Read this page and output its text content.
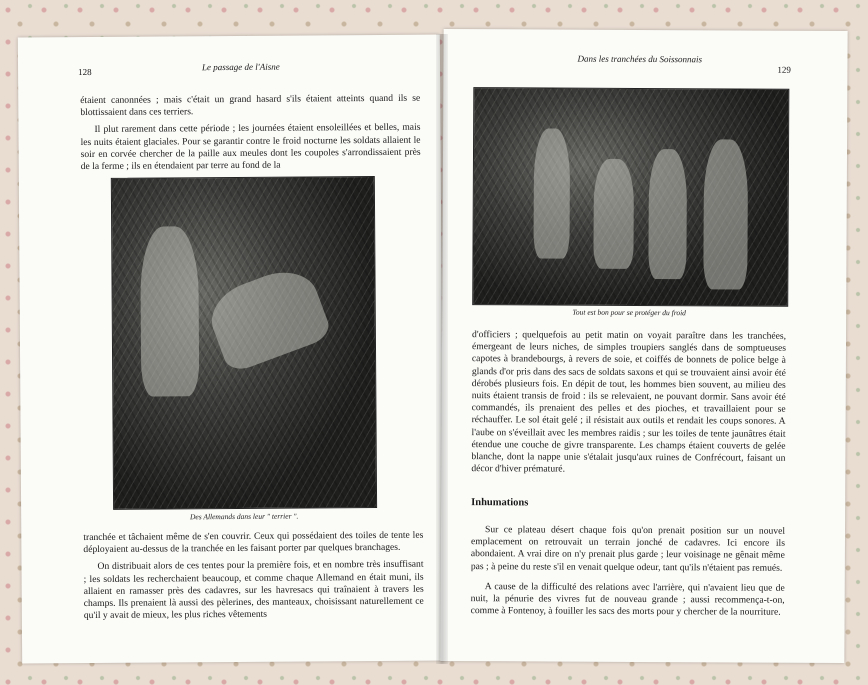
128	Le passage de l'Aisne

étaient canonnées ; mais c'était un grand hasard s'ils étaient atteints quand ils se blottissaient dans ces terriers.

Il plut rarement dans cette période ; les journées étaient ensoleillées et belles, mais les nuits étaient glaciales. Pour se garantir contre le froid nocturne les soldats allaient le soir en corvée chercher de la paille aux meules dont les coupoles s'arrondissaient près de la ferme ; ils en étendaient par terre au fond de la

Des Allemands dans leur " terrier ".

tranchée et tâchaient même de s'en couvrir. Ceux qui possédaient des toiles de tente les déployaient au-dessus de la tranchée en les faisant porter par quelques branchages.

On distribuait alors de ces tentes pour la première fois, et en nombre très insuffisant ; les soldats les recherchaient beaucoup, et comme chaque Allemand en était muni, ils allaient en ramasser près des cadavres, sur les havresacs qui traînaient à travers les champs. Ils prenaient là aussi des pèlerines, des manteaux, choisissant naturellement ce qu'il y avait de mieux, les plus riches vêtements

Dans les tranchées du Soissonnais
129
Tout est bon pour se protéger du froid

d'officiers ; quelquefois au petit matin on voyait paraître dans les tranchées, émergeant de leurs niches, de simples troupiers sanglés dans de somptueuses capotes à brandebourgs, à revers de soie, et coiffés de bonnets de police belge à glands d'or pris dans des sacs de soldats saxons et qui se trouvaient ainsi avoir été dérobés plusieurs fois. En dépit de tout, les hommes bien souvent, au milieu des nuits étaient transis de froid : ils se relevaient, ne pouvant dormir. Sans avoir été commandés, ils prenaient des pelles et des pioches, et travaillaient pour se réchauffer. Le sol était gelé ; il résistait aux outils et rendait les coups sonores. A l'aube on s'éveillait avec les membres raidis ; sur les toiles de tente jaunâtres était étendue une couche de givre transparente. Les champs étaient couverts de gelée blanche, dont la nappe unie s'étalait jusqu'aux ruines de Confrécourt, faisant un décor d'hiver prématuré.

Inhumations

Sur ce plateau désert chaque fois qu'on prenait position sur un nouvel emplacement on retrouvait un terrain jonché de cadavres. Ici encore ils abondaient. A vrai dire on n'y prenait plus garde ; leur voisinage ne gênait même pas ; à peine du reste s'il en venait quelque odeur, tant qu'ils n'étaient pas remués.

A cause de la difficulté des relations avec l'arrière, qui n'avaient lieu que de nuit, la pénurie des vivres fut de nouveau grande ; aussi recommença-t-on, comme à Fontenoy, à fouiller les sacs des morts pour y chercher de la nourriture.
